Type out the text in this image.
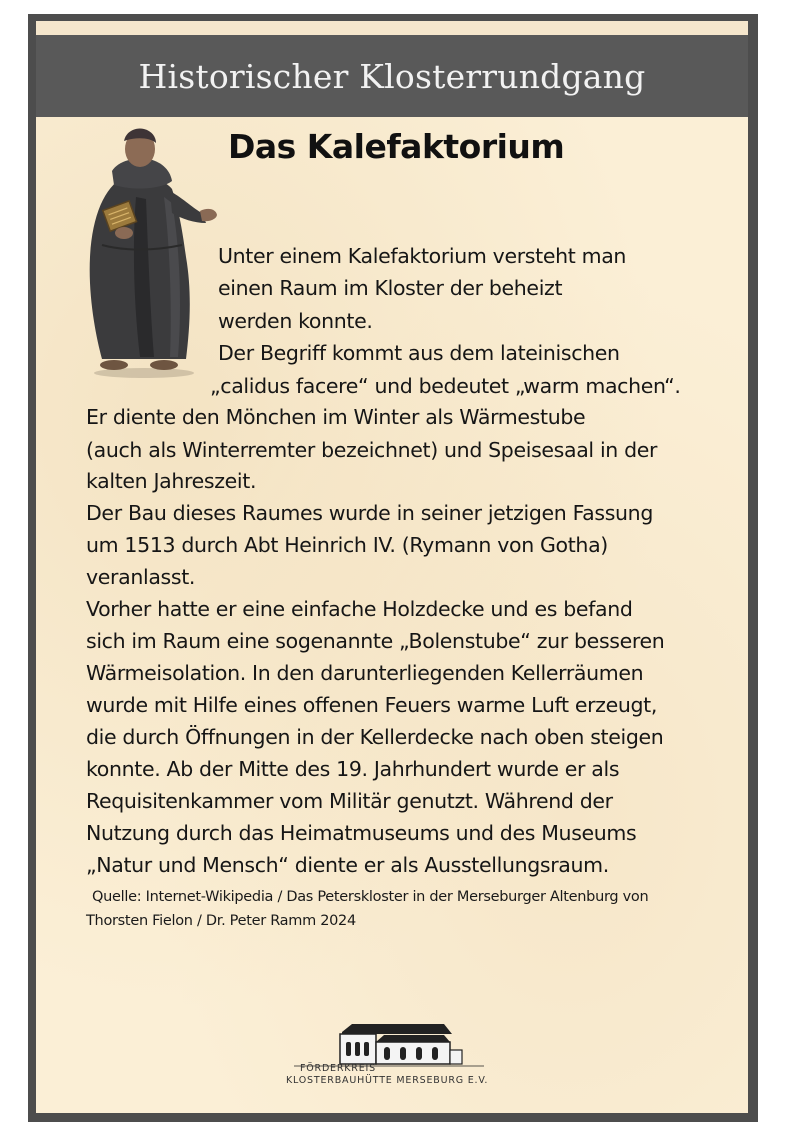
Historischer Klosterrundgang
Das Kalefaktorium

Unter einem Kalefaktorium versteht man

einen Raum im Kloster der beheizt

werden konnte.

Der Begriff kommt aus dem lateinischen

„calidus facere“ und bedeutet „warm machen“.

Er diente den Mönchen im Winter als Wärmestube

(auch als Winterremter bezeichnet) und Speisesaal in der

kalten Jahreszeit.

Der Bau dieses Raumes wurde in seiner jetzigen Fassung

um 1513 durch Abt Heinrich IV. (Rymann von Gotha)

veranlasst.

Vorher hatte er eine einfache Holzdecke und es befand

sich im Raum eine sogenannte „Bolenstube“ zur besseren

Wärmeisolation. In den darunterliegenden Kellerräumen

wurde mit Hilfe eines offenen Feuers warme Luft erzeugt,

die durch Öffnungen in der Kellerdecke nach oben steigen

konnte. Ab der Mitte des 19. Jahrhundert wurde er als

Requisitenkammer vom Militär genutzt. Während der

Nutzung durch das Heimatmuseums und des Museums

„Natur und Mensch“ diente er als Ausstellungsraum.

Quelle: Internet-Wikipedia / Das Peterskloster in der Merseburger Altenburg von

Thorsten Fielon / Dr. Peter Ramm 2024

FÖRDERKREIS

KLOSTERBAUHÜTTE MERSEBURG E.V.
